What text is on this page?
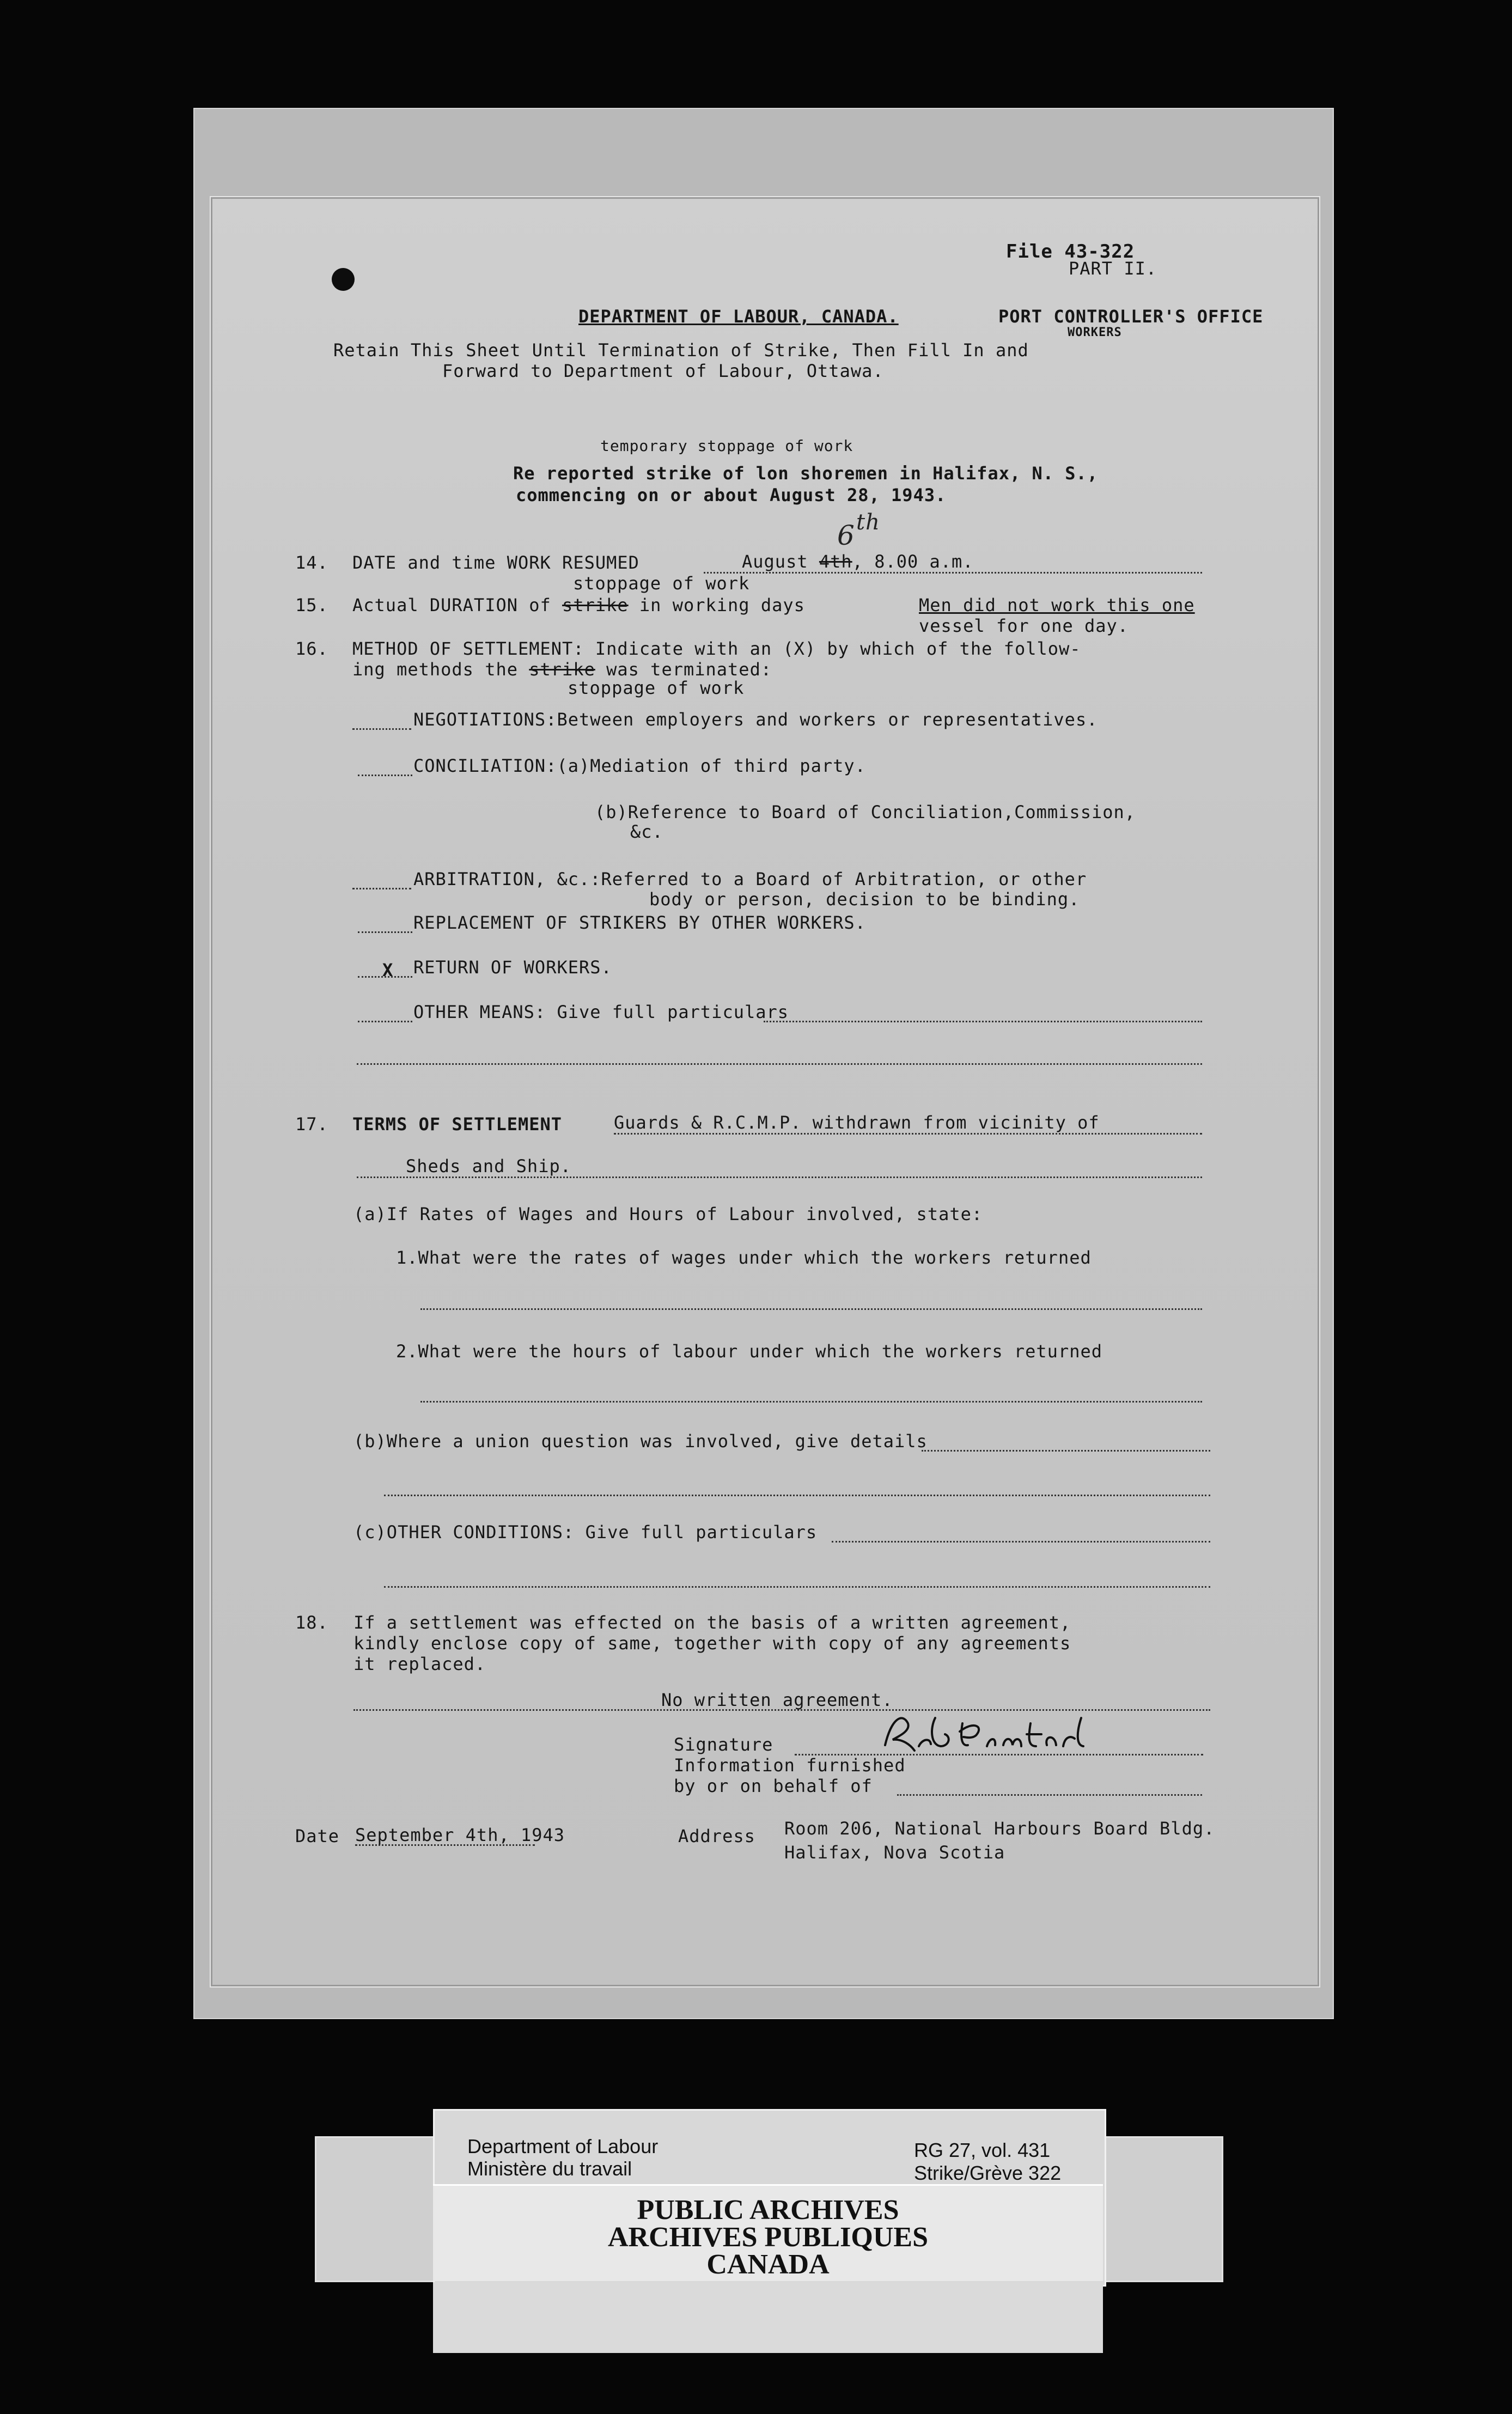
File 43-322
PART II.
DEPARTMENT OF LABOUR, CANADA.	PORT CONTROLLER'S OFFICE
WORKERS
Retain This Sheet Until Termination of Strike, Then Fill In and
Forward to Department of Labour, Ottawa.
temporary stoppage of work
Re reported strike of lon shoremen in Halifax, N. S.,
commencing on or about August 28, 1943.
14. DATE and time WORK RESUMED	August 4th, 8.00 a.m.
6 th
stoppage of work
15. Actual DURATION of strike in working days	Men did not work this one
vessel for one day.
16. METHOD OF SETTLEMENT: Indicate with an (X) by which of the follow-
ing methods the strike was terminated:
stoppage of work
NEGOTIATIONS:Between employers and workers or representatives.
CONCILIATION:(a)Mediation of third party.
(b)Reference to Board of Conciliation,Commission,
&c.
ARBITRATION, &c.:Referred to a Board of Arbitration, or other
body or person, decision to be binding.
REPLACEMENT OF STRIKERS BY OTHER WORKERS.
X	RETURN OF WORKERS.
OTHER MEANS: Give full particulars
17. TERMS OF SETTLEMENT	Guards & R.C.M.P. withdrawn from vicinity of
Sheds and Ship.
(a)If Rates of Wages and Hours of Labour involved, state:
1.What were the rates of wages under which the workers returned
2.What were the hours of labour under which the workers returned
(b)Where a union question was involved, give details
(c)OTHER CONDITIONS: Give full particulars
18. If a settlement was effected on the basis of a written agreement,
kindly enclose copy of same, together with copy of any agreements
it replaced.
No written agreement.
Signature
Information furnished
by or on behalf of
Date September 4th, 1943	Address Room 206, National Harbours Board Bldg.
Halifax, Nova Scotia
Department of Labour
Ministère du travail
RG 27, vol. 431
Strike/Grève 322
PUBLIC ARCHIVES
ARCHIVES PUBLIQUES
CANADA
